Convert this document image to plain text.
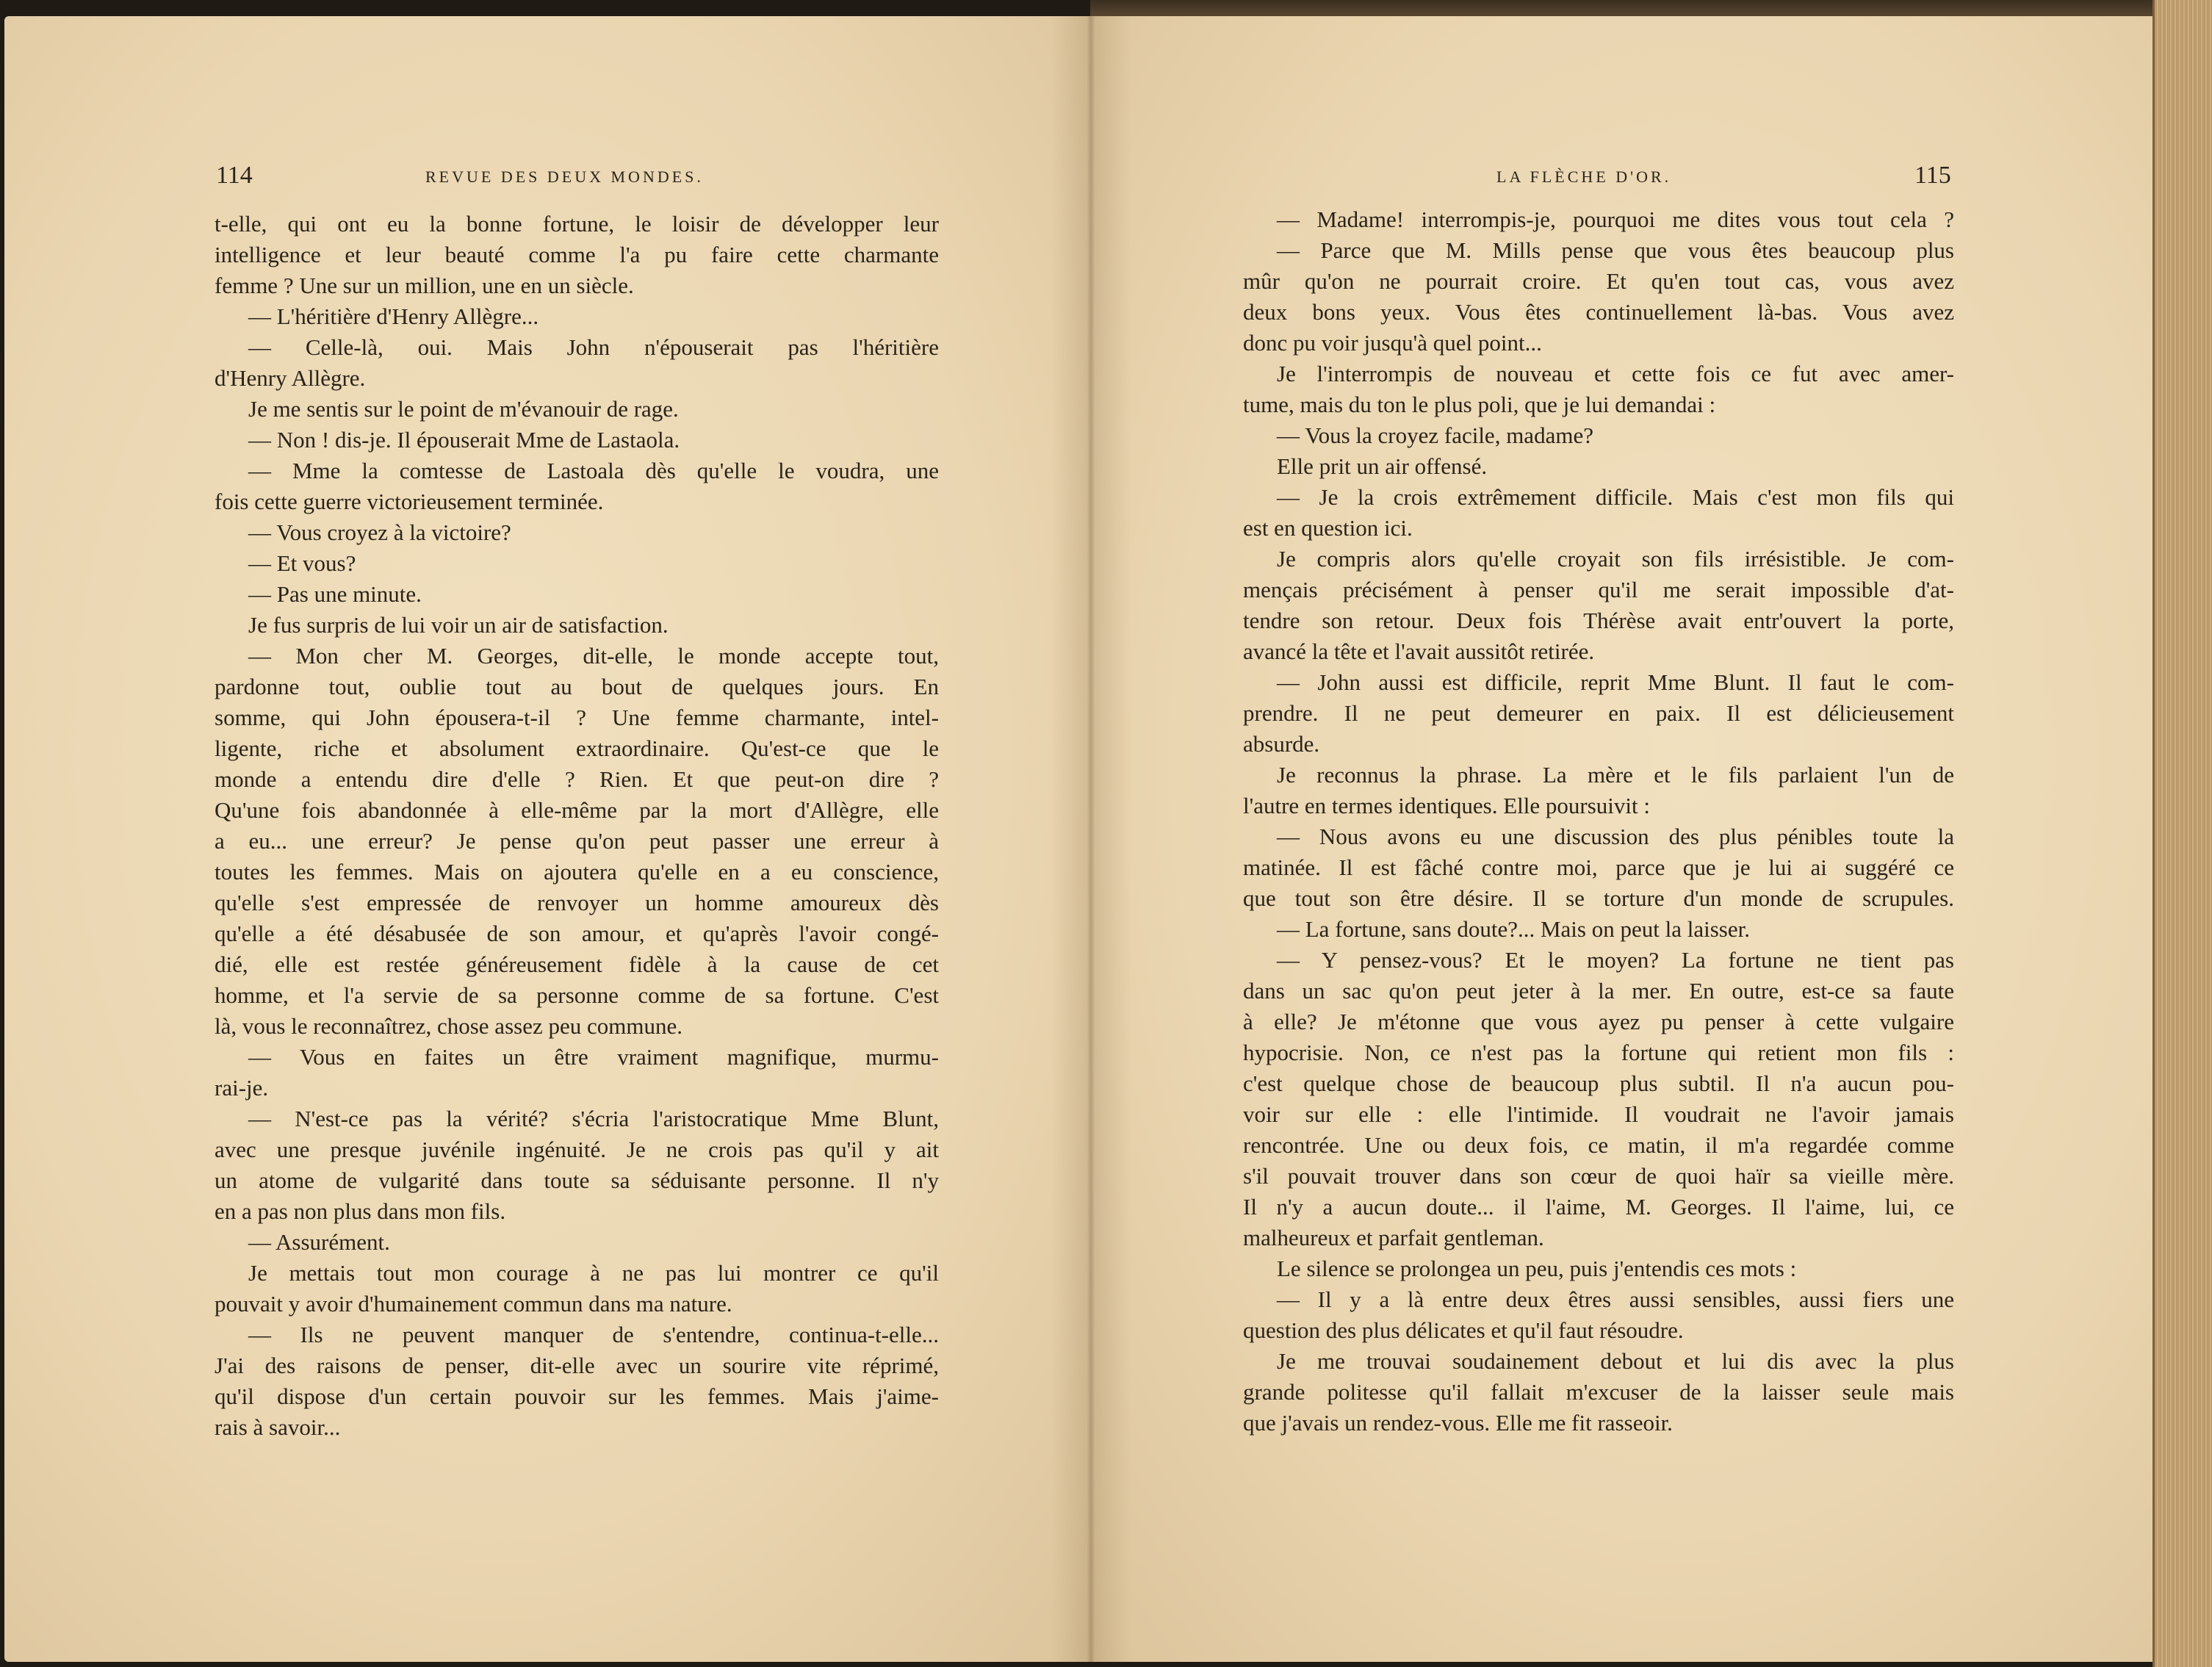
114	REVUE DES DEUX MONDES.

t-elle, qui ont eu la bonne fortune, le loisir de développer leur

intelligence et leur beauté comme l'a pu faire cette charmante

femme ? Une sur un million, une en un siècle.

— L'héritière d'Henry Allègre...

— Celle-là, oui. Mais John n'épouserait pas l'héritière

d'Henry Allègre.

Je me sentis sur le point de m'évanouir de rage.

— Non ! dis-je. Il épouserait Mme de Lastaola.

— Mme la comtesse de Lastoala dès qu'elle le voudra, une

fois cette guerre victorieusement terminée.

— Vous croyez à la victoire?

— Et vous?

— Pas une minute.

Je fus surpris de lui voir un air de satisfaction.

— Mon cher M. Georges, dit-elle, le monde accepte tout,

pardonne tout, oublie tout au bout de quelques jours. En

somme, qui John épousera-t-il ? Une femme charmante, intel-

ligente, riche et absolument extraordinaire. Qu'est-ce que le

monde a entendu dire d'elle ? Rien. Et que peut-on dire ?

Qu'une fois abandonnée à elle-même par la mort d'Allègre, elle

a eu... une erreur? Je pense qu'on peut passer une erreur à

toutes les femmes. Mais on ajoutera qu'elle en a eu conscience,

qu'elle s'est empressée de renvoyer un homme amoureux dès

qu'elle a été désabusée de son amour, et qu'après l'avoir congé-

dié, elle est restée généreusement fidèle à la cause de cet

homme, et l'a servie de sa personne comme de sa fortune. C'est

là, vous le reconnaîtrez, chose assez peu commune.

— Vous en faites un être vraiment magnifique, murmu-

rai-je.

— N'est-ce pas la vérité? s'écria l'aristocratique Mme Blunt,

avec une presque juvénile ingénuité. Je ne crois pas qu'il y ait

un atome de vulgarité dans toute sa séduisante personne. Il n'y

en a pas non plus dans mon fils.

— Assurément.

Je mettais tout mon courage à ne pas lui montrer ce qu'il

pouvait y avoir d'humainement commun dans ma nature.

— Ils ne peuvent manquer de s'entendre, continua-t-elle...

J'ai des raisons de penser, dit-elle avec un sourire vite réprimé,

qu'il dispose d'un certain pouvoir sur les femmes. Mais j'aime-

rais à savoir...

LA FLÈCHE D'OR.	115

— Madame! interrompis-je, pourquoi me dites vous tout cela ?

— Parce que M. Mills pense que vous êtes beaucoup plus

mûr qu'on ne pourrait croire. Et qu'en tout cas, vous avez

deux bons yeux. Vous êtes continuellement là-bas. Vous avez

donc pu voir jusqu'à quel point...

Je l'interrompis de nouveau et cette fois ce fut avec amer-

tume, mais du ton le plus poli, que je lui demandai :

— Vous la croyez facile, madame?

Elle prit un air offensé.

— Je la crois extrêmement difficile. Mais c'est mon fils qui

est en question ici.

Je compris alors qu'elle croyait son fils irrésistible. Je com-

mençais précisément à penser qu'il me serait impossible d'at-

tendre son retour. Deux fois Thérèse avait entr'ouvert la porte,

avancé la tête et l'avait aussitôt retirée.

— John aussi est difficile, reprit Mme Blunt. Il faut le com-

prendre. Il ne peut demeurer en paix. Il est délicieusement

absurde.

Je reconnus la phrase. La mère et le fils parlaient l'un de

l'autre en termes identiques. Elle poursuivit :

— Nous avons eu une discussion des plus pénibles toute la

matinée. Il est fâché contre moi, parce que je lui ai suggéré ce

que tout son être désire. Il se torture d'un monde de scrupules.

— La fortune, sans doute?... Mais on peut la laisser.

— Y pensez-vous? Et le moyen? La fortune ne tient pas

dans un sac qu'on peut jeter à la mer. En outre, est-ce sa faute

à elle? Je m'étonne que vous ayez pu penser à cette vulgaire

hypocrisie. Non, ce n'est pas la fortune qui retient mon fils :

c'est quelque chose de beaucoup plus subtil. Il n'a aucun pou-

voir sur elle : elle l'intimide. Il voudrait ne l'avoir jamais

rencontrée. Une ou deux fois, ce matin, il m'a regardée comme

s'il pouvait trouver dans son cœur de quoi haïr sa vieille mère.

Il n'y a aucun doute... il l'aime, M. Georges. Il l'aime, lui, ce

malheureux et parfait gentleman.

Le silence se prolongea un peu, puis j'entendis ces mots :

— Il y a là entre deux êtres aussi sensibles, aussi fiers une

question des plus délicates et qu'il faut résoudre.

Je me trouvai soudainement debout et lui dis avec la plus

grande politesse qu'il fallait m'excuser de la laisser seule mais

que j'avais un rendez-vous. Elle me fit rasseoir.
